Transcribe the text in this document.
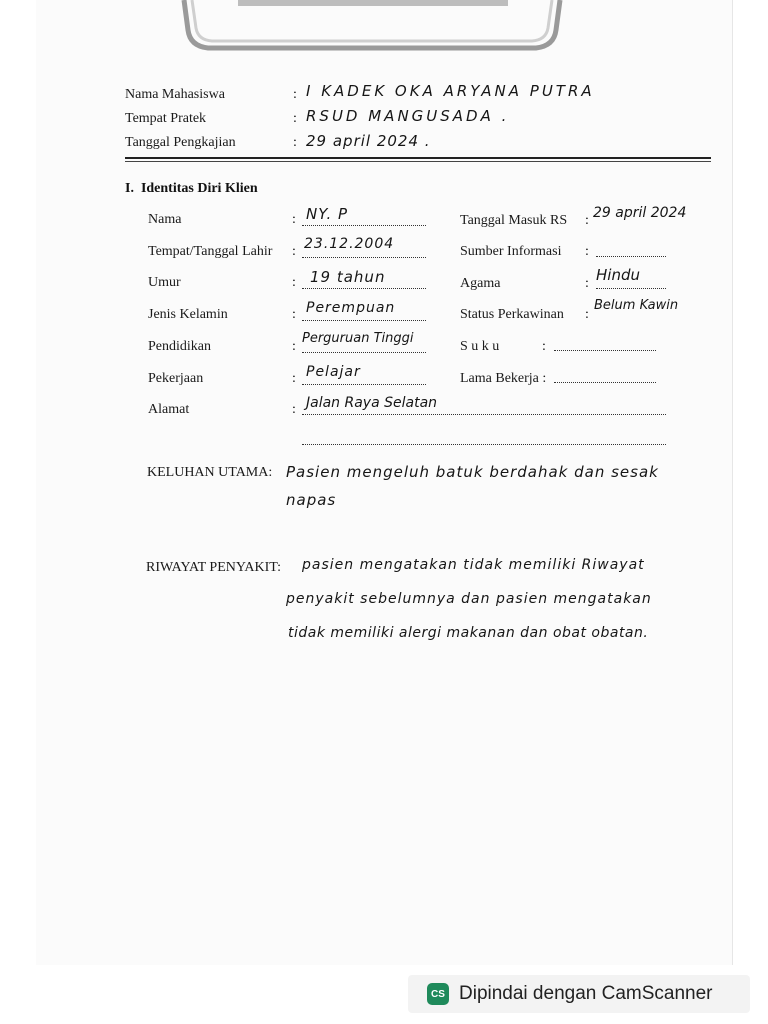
Nama Mahasiswa	: I KADEK OKA ARYANA PUTRA
Tempat Pratek	: RSUD MANGUSADA .
Tanggal Pengkajian	: 29 april 2024 .
I.  Identitas Diri Klien
Nama	: NY. P
Tempat/Tanggal Lahir : 23.12.2004
Umur	: 19 tahun
Jenis Kelamin	: Perempuan
Pendidikan	:
Perguruan Tinggi
Pekerjaan	: Pelajar
Tanggal Masuk RS : 29 april 2024
Sumber Informasi :
Agama	: Hindu
Status Perkawinan :
Belum Kawin
S u k u	:
Lama Bekerja :
Alamat	: Jalan Raya Selatan
KELUHAN UTAMA: Pasien mengeluh batuk berdahak dan sesak
napas
RIWAYAT PENYAKIT: pasien mengatakan tidak memiliki Riwayat
penyakit sebelumnya dan pasien mengatakan
tidak memiliki alergi makanan dan obat obatan.
CS Dipindai dengan CamScanner
